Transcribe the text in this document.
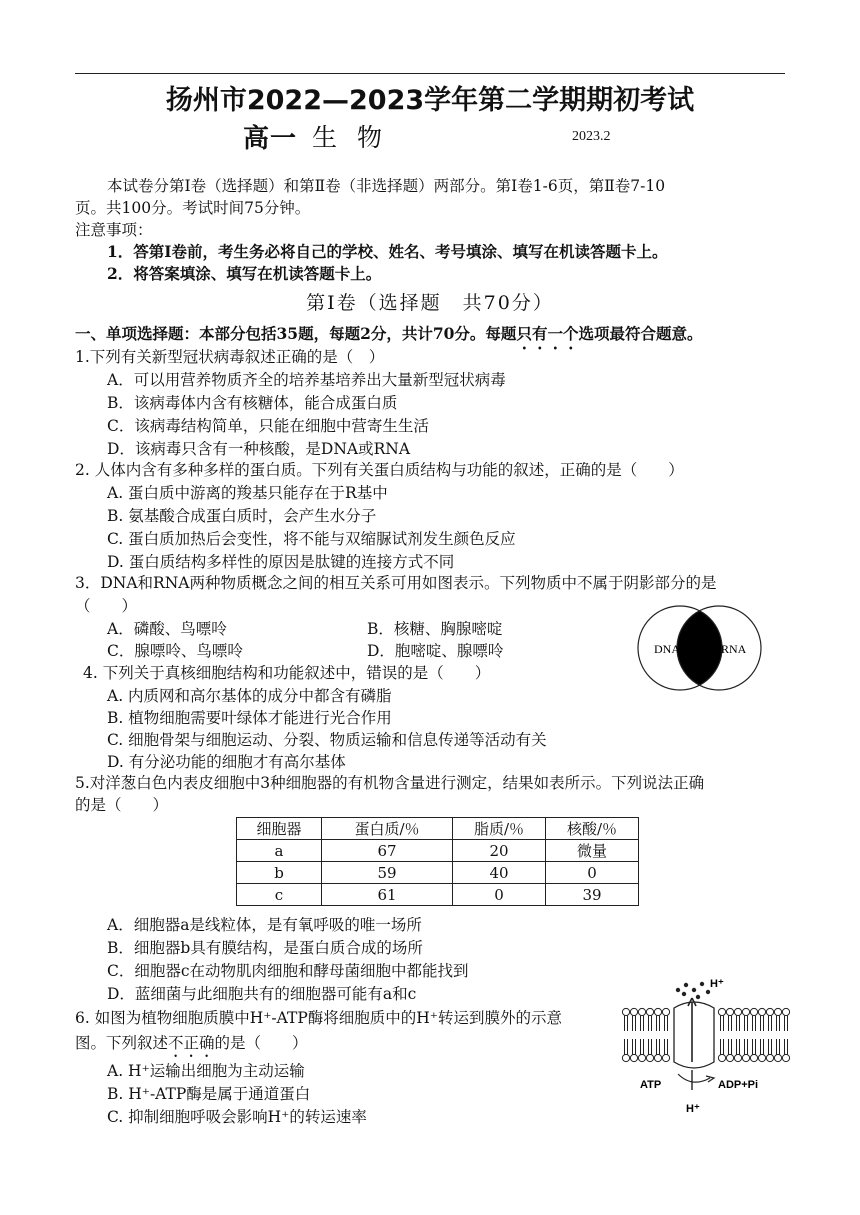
扬州市2022—2023学年第二学期期初考试
高一 生 物	2023.2
本试卷分第Ⅰ卷（选择题）和第Ⅱ卷（非选择题）两部分。第Ⅰ卷1-6页，第Ⅱ卷7-10
页。共100分。考试时间75分钟。
注意事项：
1．答第Ⅰ卷前，考生务必将自己的学校、姓名、考号填涂、填写在机读答题卡上。
2．将答案填涂、填写在机读答题卡上。
第Ⅰ卷（选择题　共70分）
一、单项选择题：本部分包括35题，每题2分，共计70分。每题只有一个选项最符合题意。
1.下列有关新型冠状病毒叙述正确的是（　）
A．可以用营养物质齐全的培养基培养出大量新型冠状病毒
B．该病毒体内含有核糖体，能合成蛋白质
C．该病毒结构简单，只能在细胞中营寄生生活
D．该病毒只含有一种核酸，是DNA或RNA
2. 人体内含有多种多样的蛋白质。下列有关蛋白质结构与功能的叙述，正确的是（　　）
A. 蛋白质中游离的羧基只能存在于R基中
B. 氨基酸合成蛋白质时，会产生水分子
C. 蛋白质加热后会变性，将不能与双缩脲试剂发生颜色反应
D. 蛋白质结构多样性的原因是肽键的连接方式不同
3．DNA和RNA两种物质概念之间的相互关系可用如图表示。下列物质中不属于阴影部分的是
（　　）
A．磷酸、鸟嘌呤	B．核糖、胸腺嘧啶
C．腺嘌呤、鸟嘌呤	D．胞嘧啶、腺嘌呤	DNA	RNA
4. 下列关于真核细胞结构和功能叙述中，错误的是（　　）
A. 内质网和高尔基体的成分中都含有磷脂
B. 植物细胞需要叶绿体才能进行光合作用
C. 细胞骨架与细胞运动、分裂、物质运输和信息传递等活动有关
D. 有分泌功能的细胞才有高尔基体
5.对洋葱白色内表皮细胞中3种细胞器的有机物含量进行测定，结果如表所示。下列说法正确
的是（　　）
细胞器	蛋白质/％	脂质/％	核酸/％
a	67	20	微量
b	59	40	0
c	61	0	39
A．细胞器a是线粒体，是有氧呼吸的唯一场所
B．细胞器b具有膜结构，是蛋白质合成的场所
C．细胞器c在动物肌肉细胞和酵母菌细胞中都能找到
D．蓝细菌与此细胞共有的细胞器可能有a和c
6. 如图为植物细胞质膜中H⁺-ATP酶将细胞质中的H⁺转运到膜外的示意
图。下列叙述不正确的是（　　）
A. H⁺运输出细胞为主动运输
B. H⁺-ATP酶是属于通道蛋白
C. 抑制细胞呼吸会影响H⁺的转运速率
H⁺
ATP	ADP+Pi
H⁺
